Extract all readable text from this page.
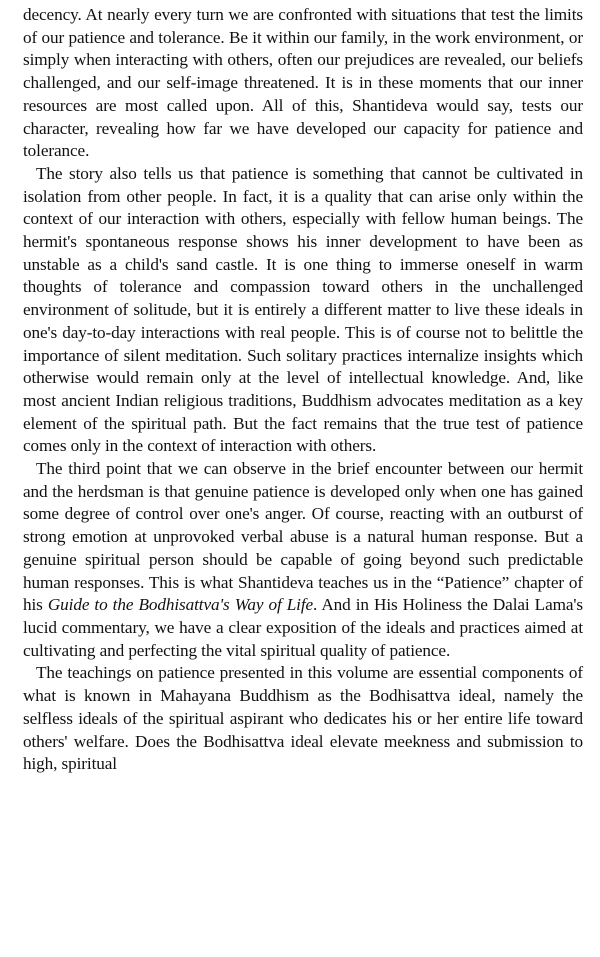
decency. At nearly every turn we are confronted with situations that test the limits of our patience and tolerance. Be it within our family, in the work environment, or simply when interacting with others, often our prejudices are revealed, our beliefs challenged, and our self-image threatened. It is in these moments that our inner resources are most called upon. All of this, Shantideva would say, tests our character, revealing how far we have developed our capacity for patience and tolerance.

The story also tells us that patience is something that cannot be cultivated in isolation from other people. In fact, it is a quality that can arise only within the context of our interaction with others, especially with fellow human beings. The hermit's spontaneous response shows his inner development to have been as unstable as a child's sand castle. It is one thing to immerse oneself in warm thoughts of tolerance and compassion toward others in the unchallenged environment of solitude, but it is entirely a different matter to live these ideals in one's day-to-day interactions with real people. This is of course not to belittle the importance of silent meditation. Such solitary practices internalize insights which otherwise would remain only at the level of intellectual knowledge. And, like most ancient Indian religious traditions, Buddhism advocates meditation as a key element of the spiritual path. But the fact remains that the true test of patience comes only in the context of interaction with others.

The third point that we can observe in the brief encounter between our hermit and the herdsman is that genuine patience is developed only when one has gained some degree of control over one's anger. Of course, reacting with an outburst of strong emotion at unprovoked verbal abuse is a natural human response. But a genuine spiritual person should be capable of going beyond such predictable human responses. This is what Shantideva teaches us in the “Patience” chapter of his Guide to the Bodhisattva's Way of Life. And in His Holiness the Dalai Lama's lucid commentary, we have a clear exposition of the ideals and practices aimed at cultivating and perfecting the vital spiritual quality of patience.

The teachings on patience presented in this volume are essential components of what is known in Mahayana Buddhism as the Bodhisattva ideal, namely the selfless ideals of the spiritual aspirant who dedicates his or her entire life toward others' welfare. Does the Bodhisattva ideal elevate meekness and submission to high, spiritual
